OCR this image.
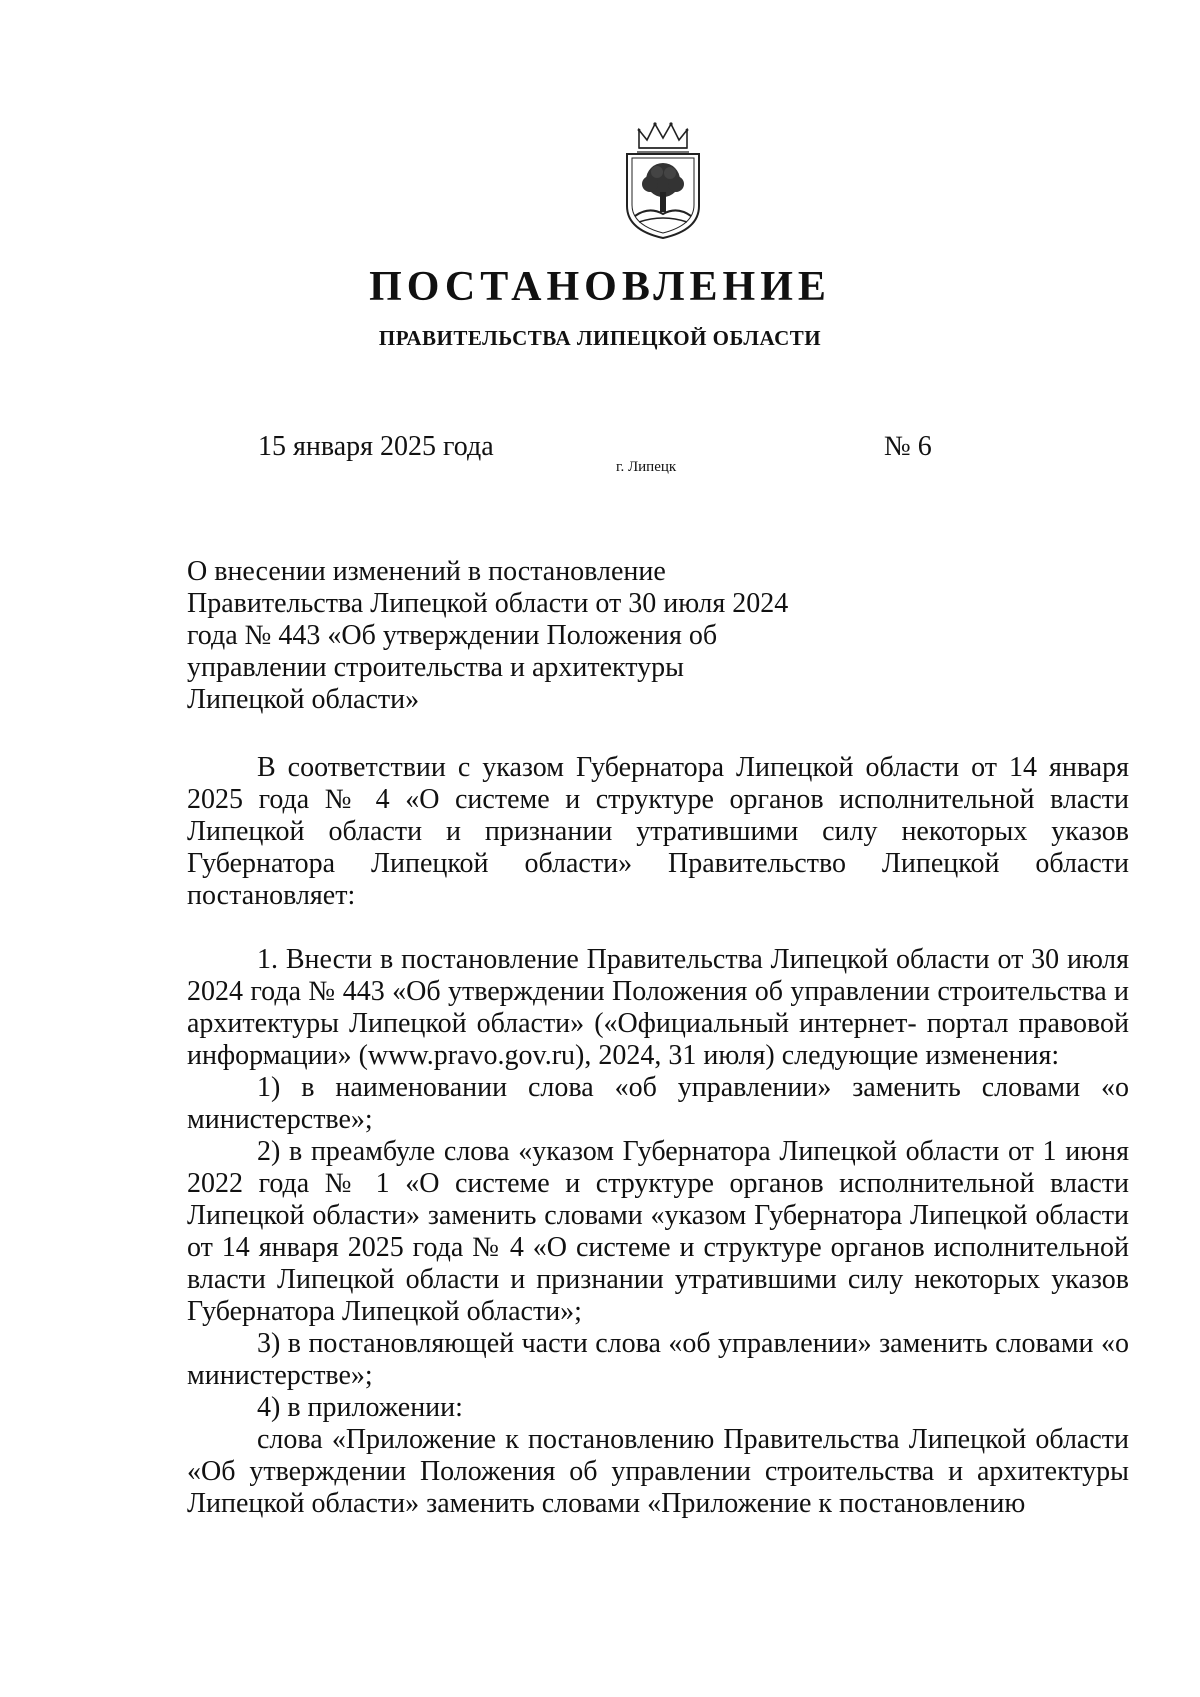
ПОСТАНОВЛЕНИЕ
ПРАВИТЕЛЬСТВА ЛИПЕЦКОЙ ОБЛАСТИ
15 января 2025 года
г. Липецк
№ 6
О внесении изменений в постановление
Правительства Липецкой области от 30 июля 2024
года № 443 «Об утверждении Положения об
управлении строительства и архитектуры
Липецкой области»

В соответствии с указом Губернатора Липецкой области от 14 января 2025 года № 4 «О системе и структуре органов исполнительной власти Липецкой области и признании утратившими силу некоторых указов Губернатора Липецкой области» Правительство Липецкой области постановляет:

1. Внести в постановление Правительства Липецкой области от 30 июля 2024 года № 443 «Об утверждении Положения об управлении строительства и архитектуры Липецкой области» («Официальный интернет- портал правовой информации» (www.pravo.gov.ru), 2024, 31 июля) следующие изменения:

1) в наименовании слова «об управлении» заменить словами «о министерстве»;

2) в преамбуле слова «указом Губернатора Липецкой области от 1 июня 2022 года № 1 «О системе и структуре органов исполнительной власти Липецкой области» заменить словами «указом Губернатора Липецкой области от 14 января 2025 года № 4 «О системе и структуре органов исполнительной власти Липецкой области и признании утратившими силу некоторых указов Губернатора Липецкой области»;

3) в постановляющей части слова «об управлении» заменить словами «о министерстве»;

4) в приложении:

слова «Приложение к постановлению Правительства Липецкой области «Об утверждении Положения об управлении строительства и архитектуры Липецкой области» заменить словами «Приложение к постановлению
